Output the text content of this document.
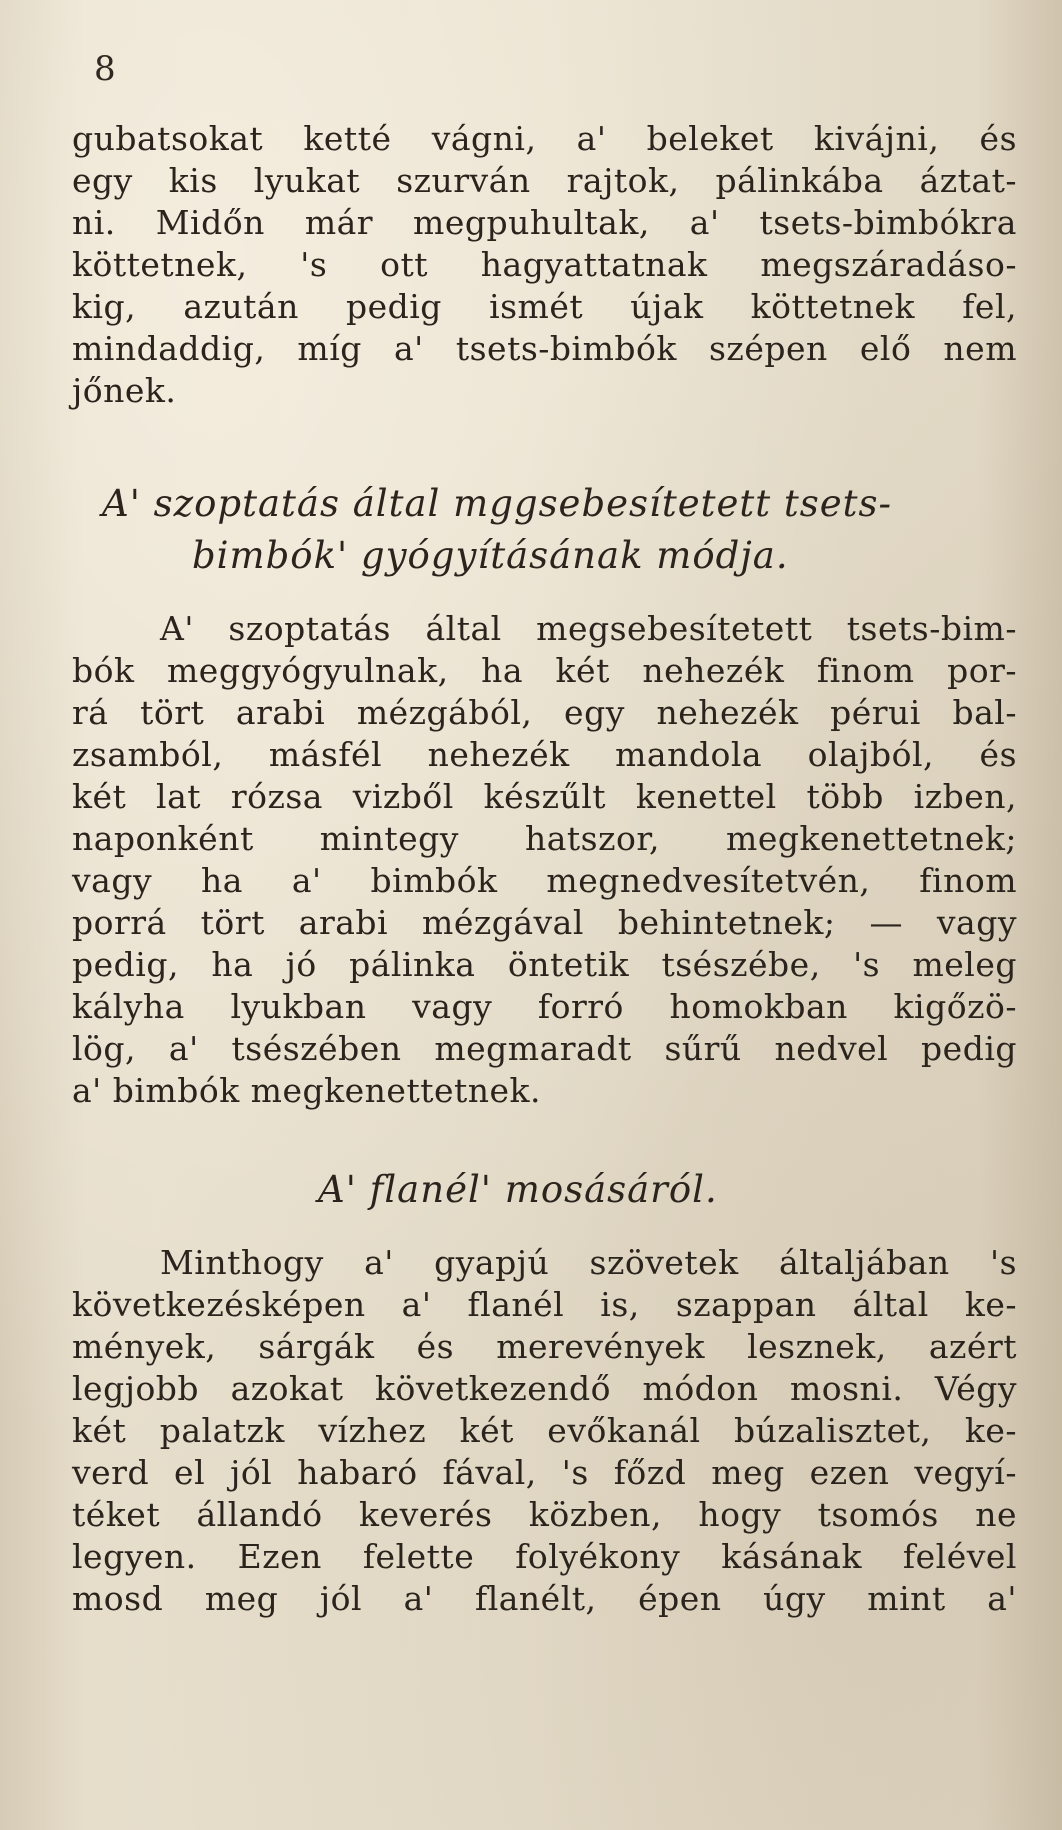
8
gubatsokat ketté vágni, a' beleket kivájni, és
egy kis lyukat szurván rajtok, pálinkába áztat-
ni. Midőn már megpuhultak, a' tsets-bimbókra
köttetnek, 's ott hagyattatnak megszáradáso-
kig, azután pedig ismét újak köttetnek fel,
mindaddig, míg a' tsets-bimbók szépen elő nem
jőnek.
A' szoptatás által mggsebesítetett tsets-
bimbók' gyógyításának módja.
A' szoptatás által megsebesítetett tsets-bim-
bók meggyógyulnak, ha két nehezék finom por-
rá tört arabi mézgából, egy nehezék pérui bal-
zsamból, másfél nehezék mandola olajból, és
két lat rózsa vizből készűlt kenettel több izben,
naponként mintegy hatszor, megkenettetnek;
vagy ha a' bimbók megnedvesítetvén, finom
porrá tört arabi mézgával behintetnek; — vagy
pedig, ha jó pálinka öntetik tsészébe, 's meleg
kályha lyukban vagy forró homokban kigőzö-
lög, a' tsészében megmaradt sűrű nedvel pedig
a' bimbók megkenettetnek.
A' flanél' mosásáról.
Minthogy a' gyapjú szövetek általjában 's
következésképen a' flanél is, szappan által ke-
mények, sárgák és merevények lesznek, azért
legjobb azokat következendő módon mosni. Végy
két palatzk vízhez két evőkanál búzalisztet, ke-
verd el jól habaró fával, 's főzd meg ezen vegyí-
téket állandó keverés közben, hogy tsomós ne
legyen. Ezen felette folyékony kásának felével
mosd meg jól a' flanélt, épen úgy mint a'
